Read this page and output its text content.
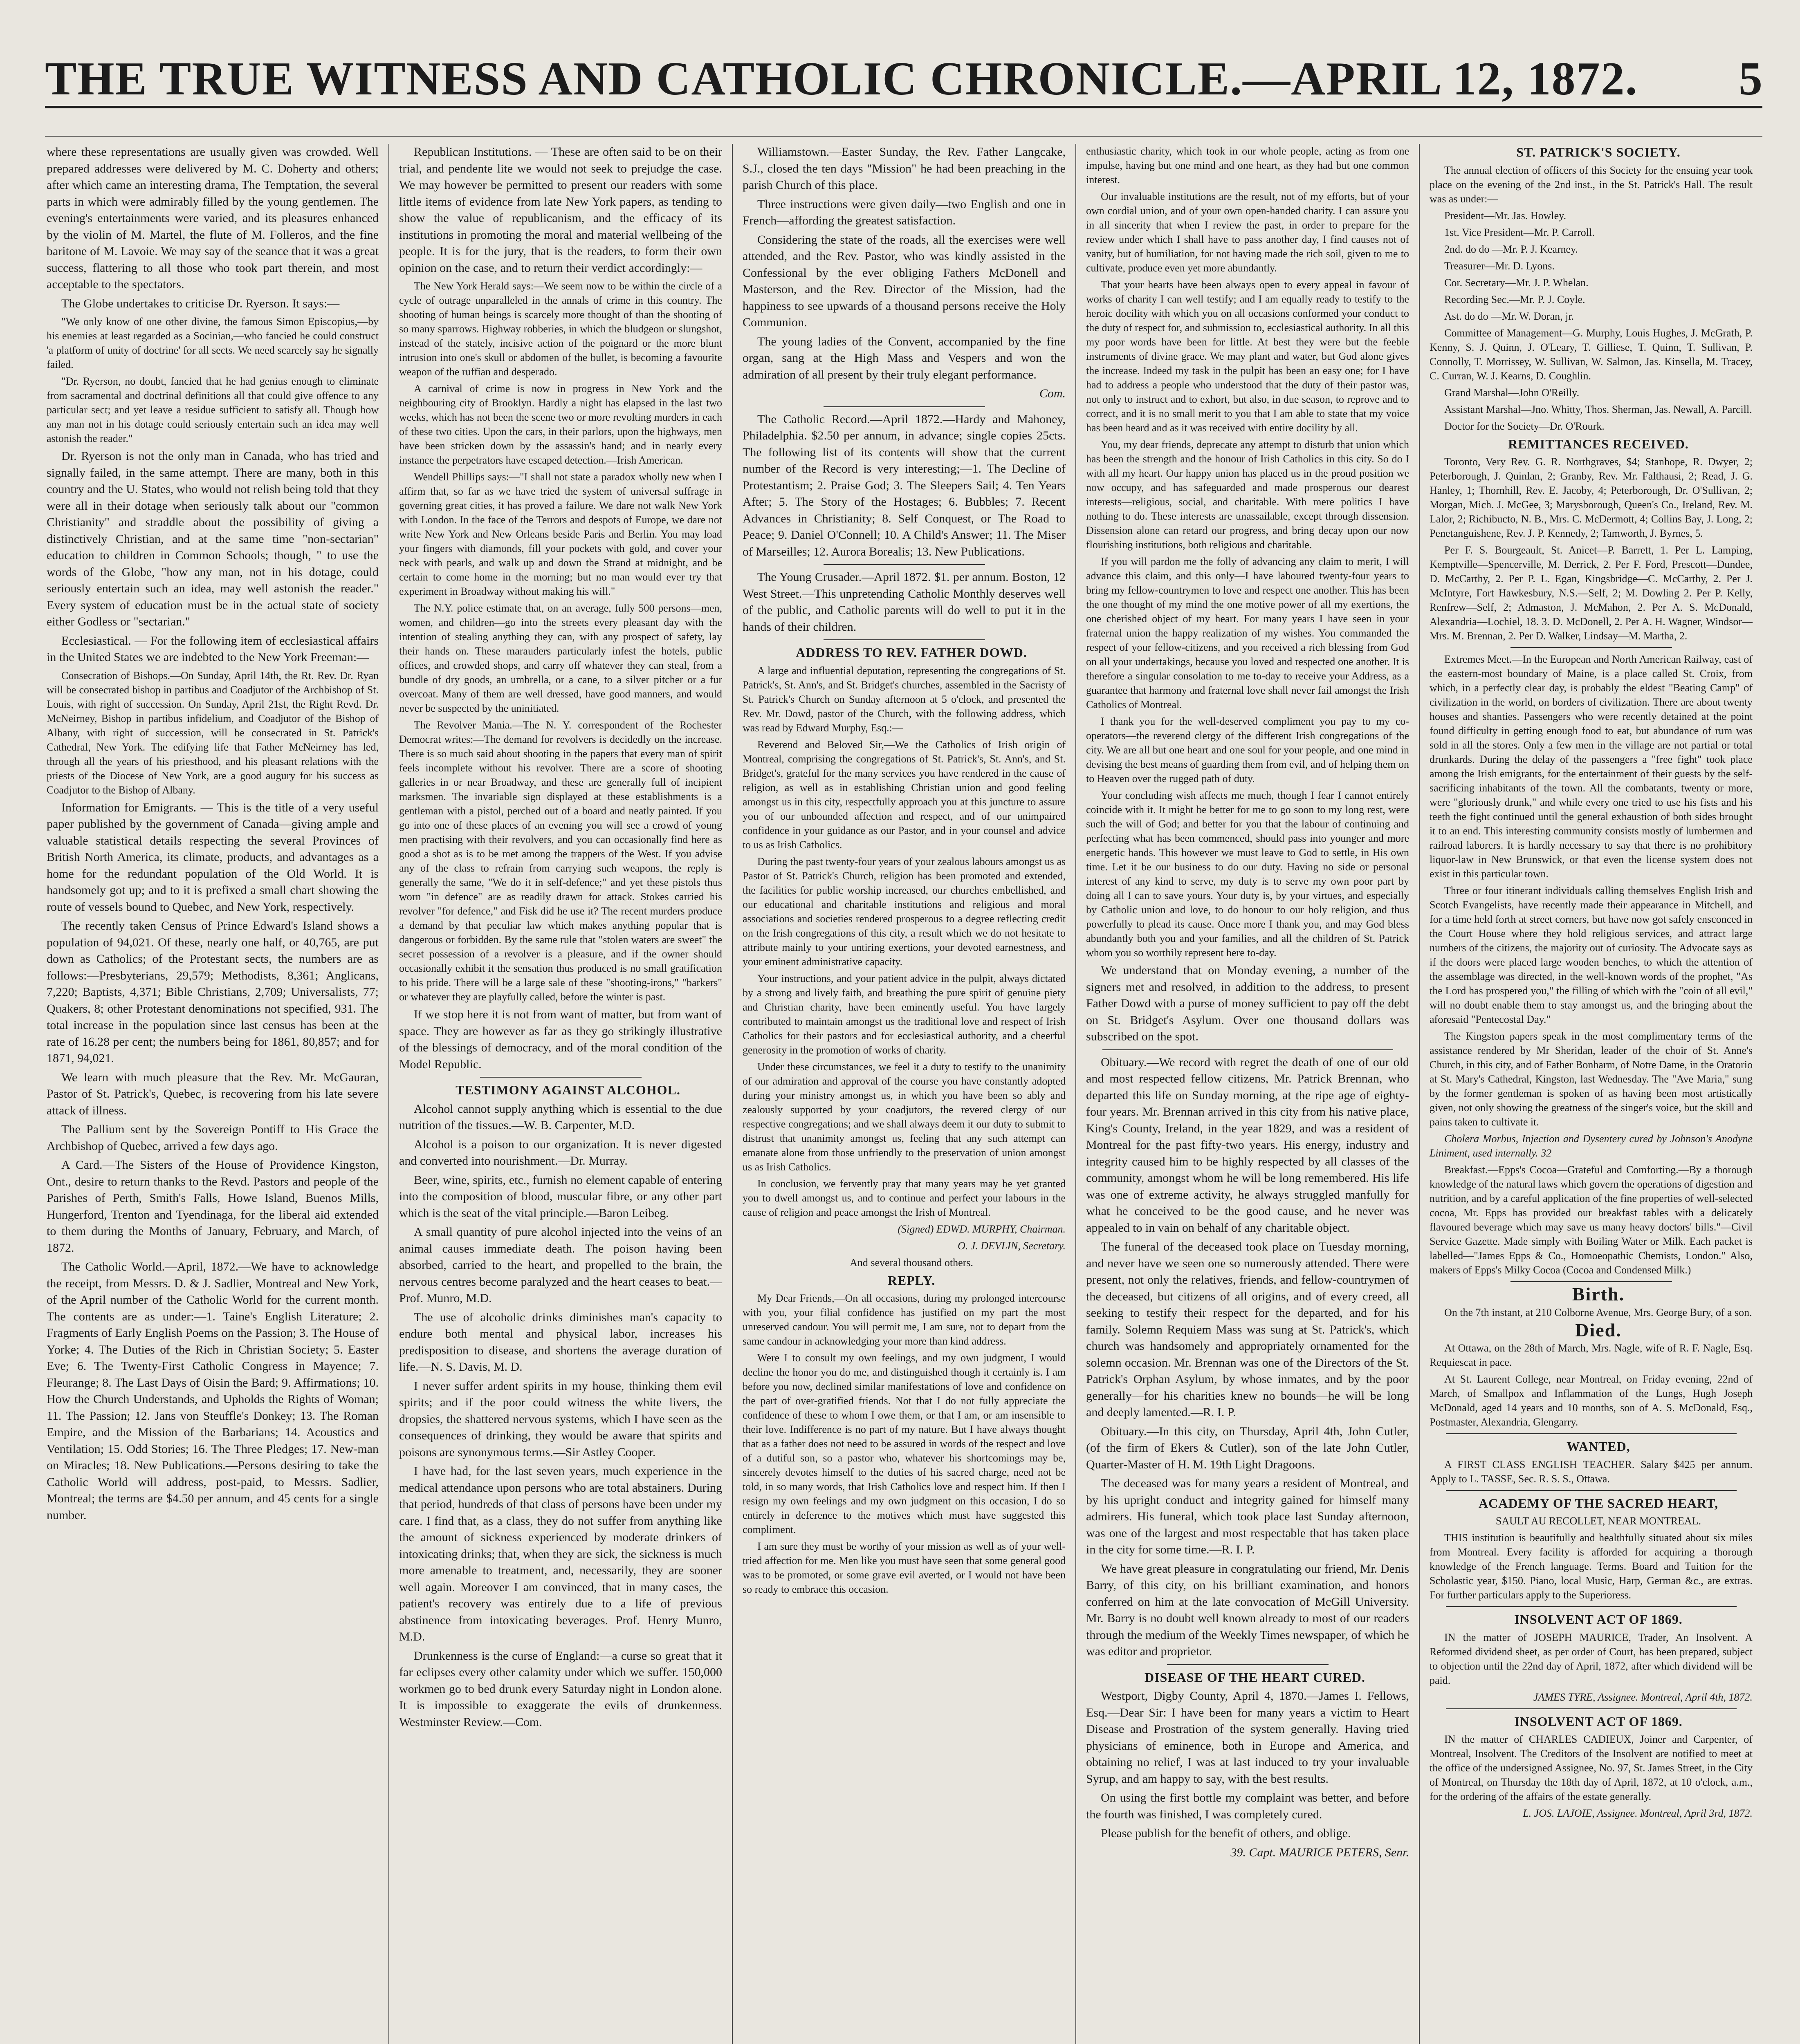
THE TRUE WITNESS AND CATHOLIC CHRONICLE.—APRIL 12, 1872. 5

where these representations are usually given was crowded. Well prepared addresses were delivered by M. C. Doherty and others; after which came an interesting drama, The Temptation, the several parts in which were admirably filled by the young gentlemen. The evening's entertainments were varied, and its pleasures enhanced by the violin of M. Martel, the flute of M. Folleros, and the fine baritone of M. Lavoie. We may say of the seance that it was a great success, flattering to all those who took part therein, and most acceptable to the spectators.

The Globe undertakes to criticise Dr. Ryerson. It says:—

"We only know of one other divine, the famous Simon Episcopius,—by his enemies at least regarded as a Socinian,—who fancied he could construct 'a platform of unity of doctrine' for all sects. We need scarcely say he signally failed.

"Dr. Ryerson, no doubt, fancied that he had genius enough to eliminate from sacramental and doctrinal definitions all that could give offence to any particular sect; and yet leave a residue sufficient to satisfy all. Though how any man not in his dotage could seriously entertain such an idea may well astonish the reader."

Dr. Ryerson is not the only man in Canada, who has tried and signally failed, in the same attempt. There are many, both in this country and the U. States, who would not relish being told that they were all in their dotage when seriously talk about our "common Christianity" and straddle about the possibility of giving a distinctively Christian, and at the same time "non-sectarian" education to children in Common Schools; though, " to use the words of the Globe, "how any man, not in his dotage, could seriously entertain such an idea, may well astonish the reader." Every system of education must be in the actual state of society either Godless or "sectarian."

Ecclesiastical. — For the following item of ecclesiastical affairs in the United States we are indebted to the New York Freeman:—

Consecration of Bishops.—On Sunday, April 14th, the Rt. Rev. Dr. Ryan will be consecrated bishop in partibus and Coadjutor of the Archbishop of St. Louis, with right of succession. On Sunday, April 21st, the Right Revd. Dr. McNeirney, Bishop in partibus infidelium, and Coadjutor of the Bishop of Albany, with right of succession, will be consecrated in St. Patrick's Cathedral, New York. The edifying life that Father McNeirney has led, through all the years of his priesthood, and his pleasant relations with the priests of the Diocese of New York, are a good augury for his success as Coadjutor to the Bishop of Albany.

Information for Emigrants. — This is the title of a very useful paper published by the government of Canada—giving ample and valuable statistical details respecting the several Provinces of British North America, its climate, products, and advantages as a home for the redundant population of the Old World. It is handsomely got up; and to it is prefixed a small chart showing the route of vessels bound to Quebec, and New York, respectively.

The recently taken Census of Prince Edward's Island shows a population of 94,021. Of these, nearly one half, or 40,765, are put down as Catholics; of the Protestant sects, the numbers are as follows:—Presbyterians, 29,579; Methodists, 8,361; Anglicans, 7,220; Baptists, 4,371; Bible Christians, 2,709; Universalists, 77; Quakers, 8; other Protestant denominations not specified, 931. The total increase in the population since last census has been at the rate of 16.28 per cent; the numbers being for 1861, 80,857; and for 1871, 94,021.

We learn with much pleasure that the Rev. Mr. McGauran, Pastor of St. Patrick's, Quebec, is recovering from his late severe attack of illness.

The Pallium sent by the Sovereign Pontiff to His Grace the Archbishop of Quebec, arrived a few days ago.

A Card.—The Sisters of the House of Providence Kingston, Ont., desire to return thanks to the Revd. Pastors and people of the Parishes of Perth, Smith's Falls, Howe Island, Buenos Mills, Hungerford, Trenton and Tyendinaga, for the liberal aid extended to them during the Months of January, February, and March, of 1872.

The Catholic World.—April, 1872.—We have to acknowledge the receipt, from Messrs. D. & J. Sadlier, Montreal and New York, of the April number of the Catholic World for the current month. The contents are as under:—1. Taine's English Literature; 2. Fragments of Early English Poems on the Passion; 3. The House of Yorke; 4. The Duties of the Rich in Christian Society; 5. Easter Eve; 6. The Twenty-First Catholic Congress in Mayence; 7. Fleurange; 8. The Last Days of Oisin the Bard; 9. Affirmations; 10. How the Church Understands, and Upholds the Rights of Woman; 11. The Passion; 12. Jans von Steuffle's Donkey; 13. The Roman Empire, and the Mission of the Barbarians; 14. Acoustics and Ventilation; 15. Odd Stories; 16. The Three Pledges; 17. New-man on Miracles; 18. New Publications.—Persons desiring to take the Catholic World will address, post-paid, to Messrs. Sadlier, Montreal; the terms are $4.50 per annum, and 45 cents for a single number.

Republican Institutions. — These are often said to be on their trial, and pendente lite we would not seek to prejudge the case. We may however be permitted to present our readers with some little items of evidence from late New York papers, as tending to show the value of republicanism, and the efficacy of its institutions in promoting the moral and material wellbeing of the people. It is for the jury, that is the readers, to form their own opinion on the case, and to return their verdict accordingly:—

The New York Herald says:—We seem now to be within the circle of a cycle of outrage unparalleled in the annals of crime in this country. The shooting of human beings is scarcely more thought of than the shooting of so many sparrows. Highway robberies, in which the bludgeon or slungshot, instead of the stately, incisive action of the poignard or the more blunt intrusion into one's skull or abdomen of the bullet, is becoming a favourite weapon of the ruffian and desperado.

A carnival of crime is now in progress in New York and the neighbouring city of Brooklyn. Hardly a night has elapsed in the last two weeks, which has not been the scene two or more revolting murders in each of these two cities. Upon the cars, in their parlors, upon the highways, men have been stricken down by the assassin's hand; and in nearly every instance the perpetrators have escaped detection.—Irish American.

Wendell Phillips says:—"I shall not state a paradox wholly new when I affirm that, so far as we have tried the system of universal suffrage in governing great cities, it has proved a failure. We dare not walk New York with London. In the face of the Terrors and despots of Europe, we dare not write New York and New Orleans beside Paris and Berlin. You may load your fingers with diamonds, fill your pockets with gold, and cover your neck with pearls, and walk up and down the Strand at midnight, and be certain to come home in the morning; but no man would ever try that experiment in Broadway without making his will."

The N.Y. police estimate that, on an average, fully 500 persons—men, women, and children—go into the streets every pleasant day with the intention of stealing anything they can, with any prospect of safety, lay their hands on. These marauders particularly infest the hotels, public offices, and crowded shops, and carry off whatever they can steal, from a bundle of dry goods, an umbrella, or a cane, to a silver pitcher or a fur overcoat. Many of them are well dressed, have good manners, and would never be suspected by the uninitiated.

The Revolver Mania.—The N. Y. correspondent of the Rochester Democrat writes:—The demand for revolvers is decidedly on the increase. There is so much said about shooting in the papers that every man of spirit feels incomplete without his revolver. There are a score of shooting galleries in or near Broadway, and these are generally full of incipient marksmen. The invariable sign displayed at these establishments is a gentleman with a pistol, perched out of a board and neatly painted. If you go into one of these places of an evening you will see a crowd of young men practising with their revolvers, and you can occasionally find here as good a shot as is to be met among the trappers of the West. If you advise any of the class to refrain from carrying such weapons, the reply is generally the same, "We do it in self-defence;" and yet these pistols thus worn "in defence" are as readily drawn for attack. Stokes carried his revolver "for defence," and Fisk did he use it? The recent murders produce a demand by that peculiar law which makes anything popular that is dangerous or forbidden. By the same rule that "stolen waters are sweet" the secret possession of a revolver is a pleasure, and if the owner should occasionally exhibit it the sensation thus produced is no small gratification to his pride. There will be a large sale of these "shooting-irons," "barkers" or whatever they are playfully called, before the winter is past.

If we stop here it is not from want of matter, but from want of space. They are however as far as they go strikingly illustrative of the blessings of democracy, and of the moral condition of the Model Republic.

TESTIMONY AGAINST ALCOHOL.

Alcohol cannot supply anything which is essential to the due nutrition of the tissues.—W. B. Carpenter, M.D.

Alcohol is a poison to our organization. It is never digested and converted into nourishment.—Dr. Murray.

Beer, wine, spirits, etc., furnish no element capable of entering into the composition of blood, muscular fibre, or any other part which is the seat of the vital principle.—Baron Leibeg.

A small quantity of pure alcohol injected into the veins of an animal causes immediate death. The poison having been absorbed, carried to the heart, and propelled to the brain, the nervous centres become paralyzed and the heart ceases to beat.—Prof. Munro, M.D.

The use of alcoholic drinks diminishes man's capacity to endure both mental and physical labor, increases his predisposition to disease, and shortens the average duration of life.—N. S. Davis, M. D.

I never suffer ardent spirits in my house, thinking them evil spirits; and if the poor could witness the white livers, the dropsies, the shattered nervous systems, which I have seen as the consequences of drinking, they would be aware that spirits and poisons are synonymous terms.—Sir Astley Cooper.

I have had, for the last seven years, much experience in the medical attendance upon persons who are total abstainers. During that period, hundreds of that class of persons have been under my care. I find that, as a class, they do not suffer from anything like the amount of sickness experienced by moderate drinkers of intoxicating drinks; that, when they are sick, the sickness is much more amenable to treatment, and, necessarily, they are sooner well again. Moreover I am convinced, that in many cases, the patient's recovery was entirely due to a life of previous abstinence from intoxicating beverages. Prof. Henry Munro, M.D.

Drunkenness is the curse of England:—a curse so great that it far eclipses every other calamity under which we suffer. 150,000 workmen go to bed drunk every Saturday night in London alone. It is impossible to exaggerate the evils of drunkenness. Westminster Review.—Com.

Williamstown.—Easter Sunday, the Rev. Father Langcake, S.J., closed the ten days "Mission" he had been preaching in the parish Church of this place.

Three instructions were given daily—two English and one in French—affording the greatest satisfaction.

Considering the state of the roads, all the exercises were well attended, and the Rev. Pastor, who was kindly assisted in the Confessional by the ever obliging Fathers McDonell and Masterson, and the Rev. Director of the Mission, had the happiness to see upwards of a thousand persons receive the Holy Communion.

The young ladies of the Convent, accompanied by the fine organ, sang at the High Mass and Vespers and won the admiration of all present by their truly elegant performance.

Com.

The Catholic Record.—April 1872.—Hardy and Mahoney, Philadelphia. $2.50 per annum, in advance; single copies 25cts. The following list of its contents will show that the current number of the Record is very interesting;—1. The Decline of Protestantism; 2. Praise God; 3. The Sleepers Sail; 4. Ten Years After; 5. The Story of the Hostages; 6. Bubbles; 7. Recent Advances in Christianity; 8. Self Conquest, or The Road to Peace; 9. Daniel O'Connell; 10. A Child's Answer; 11. The Miser of Marseilles; 12. Aurora Borealis; 13. New Publications.

The Young Crusader.—April 1872. $1. per annum. Boston, 12 West Street.—This unpretending Catholic Monthly deserves well of the public, and Catholic parents will do well to put it in the hands of their children.

ADDRESS TO REV. FATHER DOWD.

A large and influential deputation, representing the congregations of St. Patrick's, St. Ann's, and St. Bridget's churches, assembled in the Sacristy of St. Patrick's Church on Sunday afternoon at 5 o'clock, and presented the Rev. Mr. Dowd, pastor of the Church, with the following address, which was read by Edward Murphy, Esq.:—

Reverend and Beloved Sir,—We the Catholics of Irish origin of Montreal, comprising the congregations of St. Patrick's, St. Ann's, and St. Bridget's, grateful for the many services you have rendered in the cause of religion, as well as in establishing Christian union and good feeling amongst us in this city, respectfully approach you at this juncture to assure you of our unbounded affection and respect, and of our unimpaired confidence in your guidance as our Pastor, and in your counsel and advice to us as Irish Catholics.

During the past twenty-four years of your zealous labours amongst us as Pastor of St. Patrick's Church, religion has been promoted and extended, the facilities for public worship increased, our churches embellished, and our educational and charitable institutions and religious and moral associations and societies rendered prosperous to a degree reflecting credit on the Irish congregations of this city, a result which we do not hesitate to attribute mainly to your untiring exertions, your devoted earnestness, and your eminent administrative capacity.

Your instructions, and your patient advice in the pulpit, always dictated by a strong and lively faith, and breathing the pure spirit of genuine piety and Christian charity, have been eminently useful. You have largely contributed to maintain amongst us the traditional love and respect of Irish Catholics for their pastors and for ecclesiastical authority, and a cheerful generosity in the promotion of works of charity.

Under these circumstances, we feel it a duty to testify to the unanimity of our admiration and approval of the course you have constantly adopted during your ministry amongst us, in which you have been so ably and zealously supported by your coadjutors, the revered clergy of our respective congregations; and we shall always deem it our duty to submit to distrust that unanimity amongst us, feeling that any such attempt can emanate alone from those unfriendly to the preservation of union amongst us as Irish Catholics.

In conclusion, we fervently pray that many years may be yet granted you to dwell amongst us, and to continue and perfect your labours in the cause of religion and peace amongst the Irish of Montreal.

(Signed) EDWD. MURPHY, Chairman.

O. J. DEVLIN, Secretary.

And several thousand others.

REPLY.

My Dear Friends,—On all occasions, during my prolonged intercourse with you, your filial confidence has justified on my part the most unreserved candour. You will permit me, I am sure, not to depart from the same candour in acknowledging your more than kind address.

Were I to consult my own feelings, and my own judgment, I would decline the honor you do me, and distinguished though it certainly is. I am before you now, declined similar manifestations of love and confidence on the part of over-gratified friends. Not that I do not fully appreciate the confidence of these to whom I owe them, or that I am, or am insensible to their love. Indifference is no part of my nature. But I have always thought that as a father does not need to be assured in words of the respect and love of a dutiful son, so a pastor who, whatever his shortcomings may be, sincerely devotes himself to the duties of his sacred charge, need not be told, in so many words, that Irish Catholics love and respect him. If then I resign my own feelings and my own judgment on this occasion, I do so entirely in deference to the motives which must have suggested this compliment.

I am sure they must be worthy of your mission as well as of your well-tried affection for me. Men like you must have seen that some general good was to be promoted, or some grave evil averted, or I would not have been so ready to embrace this occasion.

enthusiastic charity, which took in our whole people, acting as from one impulse, having but one mind and one heart, as they had but one common interest.

Our invaluable institutions are the result, not of my efforts, but of your own cordial union, and of your own open-handed charity. I can assure you in all sincerity that when I review the past, in order to prepare for the review under which I shall have to pass another day, I find causes not of vanity, but of humiliation, for not having made the rich soil, given to me to cultivate, produce even yet more abundantly.

That your hearts have been always open to every appeal in favour of works of charity I can well testify; and I am equally ready to testify to the heroic docility with which you on all occasions conformed your conduct to the duty of respect for, and submission to, ecclesiastical authority. In all this my poor words have been for little. At best they were but the feeble instruments of divine grace. We may plant and water, but God alone gives the increase. Indeed my task in the pulpit has been an easy one; for I have had to address a people who understood that the duty of their pastor was, not only to instruct and to exhort, but also, in due season, to reprove and to correct, and it is no small merit to you that I am able to state that my voice has been heard and as it was received with entire docility by all.

You, my dear friends, deprecate any attempt to disturb that union which has been the strength and the honour of Irish Catholics in this city. So do I with all my heart. Our happy union has placed us in the proud position we now occupy, and has safeguarded and made prosperous our dearest interests—religious, social, and charitable. With mere politics I have nothing to do. These interests are unassailable, except through dissension. Dissension alone can retard our progress, and bring decay upon our now flourishing institutions, both religious and charitable.

If you will pardon me the folly of advancing any claim to merit, I will advance this claim, and this only—I have laboured twenty-four years to bring my fellow-countrymen to love and respect one another. This has been the one thought of my mind the one motive power of all my exertions, the one cherished object of my heart. For many years I have seen in your fraternal union the happy realization of my wishes. You commanded the respect of your fellow-citizens, and you received a rich blessing from God on all your undertakings, because you loved and respected one another. It is therefore a singular consolation to me to-day to receive your Address, as a guarantee that harmony and fraternal love shall never fail amongst the Irish Catholics of Montreal.

I thank you for the well-deserved compliment you pay to my co-operators—the reverend clergy of the different Irish congregations of the city. We are all but one heart and one soul for your people, and one mind in devising the best means of guarding them from evil, and of helping them on to Heaven over the rugged path of duty.

Your concluding wish affects me much, though I fear I cannot entirely coincide with it. It might be better for me to go soon to my long rest, were such the will of God; and better for you that the labour of continuing and perfecting what has been commenced, should pass into younger and more energetic hands. This however we must leave to God to settle, in His own time. Let it be our business to do our duty. Having no side or personal interest of any kind to serve, my duty is to serve my own poor part by doing all I can to save yours. Your duty is, by your virtues, and especially by Catholic union and love, to do honour to our holy religion, and thus powerfully to plead its cause. Once more I thank you, and may God bless abundantly both you and your families, and all the children of St. Patrick whom you so worthily represent here to-day.

We understand that on Monday evening, a number of the signers met and resolved, in addition to the address, to present Father Dowd with a purse of money sufficient to pay off the debt on St. Bridget's Asylum. Over one thousand dollars was subscribed on the spot.

Obituary.—We record with regret the death of one of our old and most respected fellow citizens, Mr. Patrick Brennan, who departed this life on Sunday morning, at the ripe age of eighty-four years. Mr. Brennan arrived in this city from his native place, King's County, Ireland, in the year 1829, and was a resident of Montreal for the past fifty-two years. His energy, industry and integrity caused him to be highly respected by all classes of the community, amongst whom he will be long remembered. His life was one of extreme activity, he always struggled manfully for what he conceived to be the good cause, and he never was appealed to in vain on behalf of any charitable object.

The funeral of the deceased took place on Tuesday morning, and never have we seen one so numerously attended. There were present, not only the relatives, friends, and fellow-countrymen of the deceased, but citizens of all origins, and of every creed, all seeking to testify their respect for the departed, and for his family. Solemn Requiem Mass was sung at St. Patrick's, which church was handsomely and appropriately ornamented for the solemn occasion. Mr. Brennan was one of the Directors of the St. Patrick's Orphan Asylum, by whose inmates, and by the poor generally—for his charities knew no bounds—he will be long and deeply lamented.—R. I. P.

Obituary.—In this city, on Thursday, April 4th, John Cutler, (of the firm of Ekers & Cutler), son of the late John Cutler, Quarter-Master of H. M. 19th Light Dragoons.

The deceased was for many years a resident of Montreal, and by his upright conduct and integrity gained for himself many admirers. His funeral, which took place last Sunday afternoon, was one of the largest and most respectable that has taken place in the city for some time.—R. I. P.

We have great pleasure in congratulating our friend, Mr. Denis Barry, of this city, on his brilliant examination, and honors conferred on him at the late convocation of McGill University. Mr. Barry is no doubt well known already to most of our readers through the medium of the Weekly Times newspaper, of which he was editor and proprietor.

DISEASE OF THE HEART CURED.

Westport, Digby County, April 4, 1870.—James I. Fellows, Esq.—Dear Sir: I have been for many years a victim to Heart Disease and Prostration of the system generally. Having tried physicians of eminence, both in Europe and America, and obtaining no relief, I was at last induced to try your invaluable Syrup, and am happy to say, with the best results.

On using the first bottle my complaint was better, and before the fourth was finished, I was completely cured.

Please publish for the benefit of others, and oblige.

39. Capt. MAURICE PETERS, Senr.

ST. PATRICK'S SOCIETY.

The annual election of officers of this Society for the ensuing year took place on the evening of the 2nd inst., in the St. Patrick's Hall. The result was as under:—

President—Mr. Jas. Howley.

1st. Vice President—Mr. P. Carroll.

2nd. do do —Mr. P. J. Kearney.

Treasurer—Mr. D. Lyons.

Cor. Secretary—Mr. J. P. Whelan.

Recording Sec.—Mr. P. J. Coyle.

Ast. do do —Mr. W. Doran, jr.

Committee of Management—G. Murphy, Louis Hughes, J. McGrath, P. Kenny, S. J. Quinn, J. O'Leary, T. Gilliese, T. Quinn, T. Sullivan, P. Connolly, T. Morrissey, W. Sullivan, W. Salmon, Jas. Kinsella, M. Tracey, C. Curran, W. J. Kearns, D. Coughlin.

Grand Marshal—John O'Reilly.

Assistant Marshal—Jno. Whitty, Thos. Sherman, Jas. Newall, A. Parcill.

Doctor for the Society—Dr. O'Rourk.

REMITTANCES RECEIVED.

Toronto, Very Rev. G. R. Northgraves, $4; Stanhope, R. Dwyer, 2; Peterborough, J. Quinlan, 2; Granby, Rev. Mr. Falthausi, 2; Read, J. G. Hanley, 1; Thornhill, Rev. E. Jacoby, 4; Peterborough, Dr. O'Sullivan, 2; Morgan, Mich. J. McGee, 3; Marysborough, Queen's Co., Ireland, Rev. M. Lalor, 2; Richibucto, N. B., Mrs. C. McDermott, 4; Collins Bay, J. Long, 2; Penetanguishene, Rev. J. P. Kennedy, 2; Tamworth, J. Byrnes, 5.

Per F. S. Bourgeault, St. Anicet—P. Barrett, 1. Per L. Lamping, Kemptville—Spencerville, M. Derrick, 2. Per F. Ford, Prescott—Dundee, D. McCarthy, 2. Per P. L. Egan, Kingsbridge—C. McCarthy, 2. Per J. McIntyre, Fort Hawkesbury, N.S.—Self, 2; M. Dowling 2. Per P. Kelly, Renfrew—Self, 2; Admaston, J. McMahon, 2. Per A. S. McDonald, Alexandria—Lochiel, 18. 3. D. McDonell, 2. Per A. H. Wagner, Windsor—Mrs. M. Brennan, 2. Per D. Walker, Lindsay—M. Martha, 2.

Extremes Meet.—In the European and North American Railway, east of the eastern-most boundary of Maine, is a place called St. Croix, from which, in a perfectly clear day, is probably the eldest "Beating Camp" of civilization in the world, on borders of civilization. There are about twenty houses and shanties. Passengers who were recently detained at the point found difficulty in getting enough food to eat, but abundance of rum was sold in all the stores. Only a few men in the village are not partial or total drunkards. During the delay of the passengers a "free fight" took place among the Irish emigrants, for the entertainment of their guests by the self-sacrificing inhabitants of the town. All the combatants, twenty or more, were "gloriously drunk," and while every one tried to use his fists and his teeth the fight continued until the general exhaustion of both sides brought it to an end. This interesting community consists mostly of lumbermen and railroad laborers. It is hardly necessary to say that there is no prohibitory liquor-law in New Brunswick, or that even the license system does not exist in this particular town.

Three or four itinerant individuals calling themselves English Irish and Scotch Evangelists, have recently made their appearance in Mitchell, and for a time held forth at street corners, but have now got safely ensconced in the Court House where they hold religious services, and attract large numbers of the citizens, the majority out of curiosity. The Advocate says as if the doors were placed large wooden benches, to which the attention of the assemblage was directed, in the well-known words of the prophet, "As the Lord has prospered you," the filling of which with the "coin of all evil," will no doubt enable them to stay amongst us, and the bringing about the aforesaid "Pentecostal Day."

The Kingston papers speak in the most complimentary terms of the assistance rendered by Mr Sheridan, leader of the choir of St. Anne's Church, in this city, and of Father Bonharm, of Notre Dame, in the Oratorio at St. Mary's Cathedral, Kingston, last Wednesday. The "Ave Maria," sung by the former gentleman is spoken of as having been most artistically given, not only showing the greatness of the singer's voice, but the skill and pains taken to cultivate it.

Cholera Morbus, Injection and Dysentery cured by Johnson's Anodyne Liniment, used internally. 32

Breakfast.—Epps's Cocoa—Grateful and Comforting.—By a thorough knowledge of the natural laws which govern the operations of digestion and nutrition, and by a careful application of the fine properties of well-selected cocoa, Mr. Epps has provided our breakfast tables with a delicately flavoured beverage which may save us many heavy doctors' bills."—Civil Service Gazette. Made simply with Boiling Water or Milk. Each packet is labelled—"James Epps & Co., Homoeopathic Chemists, London." Also, makers of Epps's Milky Cocoa (Cocoa and Condensed Milk.)

Birth.

On the 7th instant, at 210 Colborne Avenue, Mrs. George Bury, of a son.

Died.

At Ottawa, on the 28th of March, Mrs. Nagle, wife of R. F. Nagle, Esq. Requiescat in pace.

At St. Laurent College, near Montreal, on Friday evening, 22nd of March, of Smallpox and Inflammation of the Lungs, Hugh Joseph McDonald, aged 14 years and 10 months, son of A. S. McDonald, Esq., Postmaster, Alexandria, Glengarry.

WANTED,

A FIRST CLASS ENGLISH TEACHER. Salary $425 per annum. Apply to L. TASSE, Sec. R. S. S., Ottawa.

ACADEMY OF THE SACRED HEART,

SAULT AU RECOLLET, NEAR MONTREAL.

THIS institution is beautifully and healthfully situated about six miles from Montreal. Every facility is afforded for acquiring a thorough knowledge of the French language. Terms. Board and Tuition for the Scholastic year, $150. Piano, local Music, Harp, German &c., are extras. For further particulars apply to the Superioress.

INSOLVENT ACT OF 1869.

IN the matter of JOSEPH MAURICE, Trader, An Insolvent. A Reformed dividend sheet, as per order of Court, has been prepared, subject to objection until the 22nd day of April, 1872, after which dividend will be paid.

JAMES TYRE, Assignee. Montreal, April 4th, 1872.

INSOLVENT ACT OF 1869.

IN the matter of CHARLES CADIEUX, Joiner and Carpenter, of Montreal, Insolvent. The Creditors of the Insolvent are notified to meet at the office of the undersigned Assignee, No. 97, St. James Street, in the City of Montreal, on Thursday the 18th day of April, 1872, at 10 o'clock, a.m., for the ordering of the affairs of the estate generally.

L. JOS. LAJOIE, Assignee. Montreal, April 3rd, 1872.
